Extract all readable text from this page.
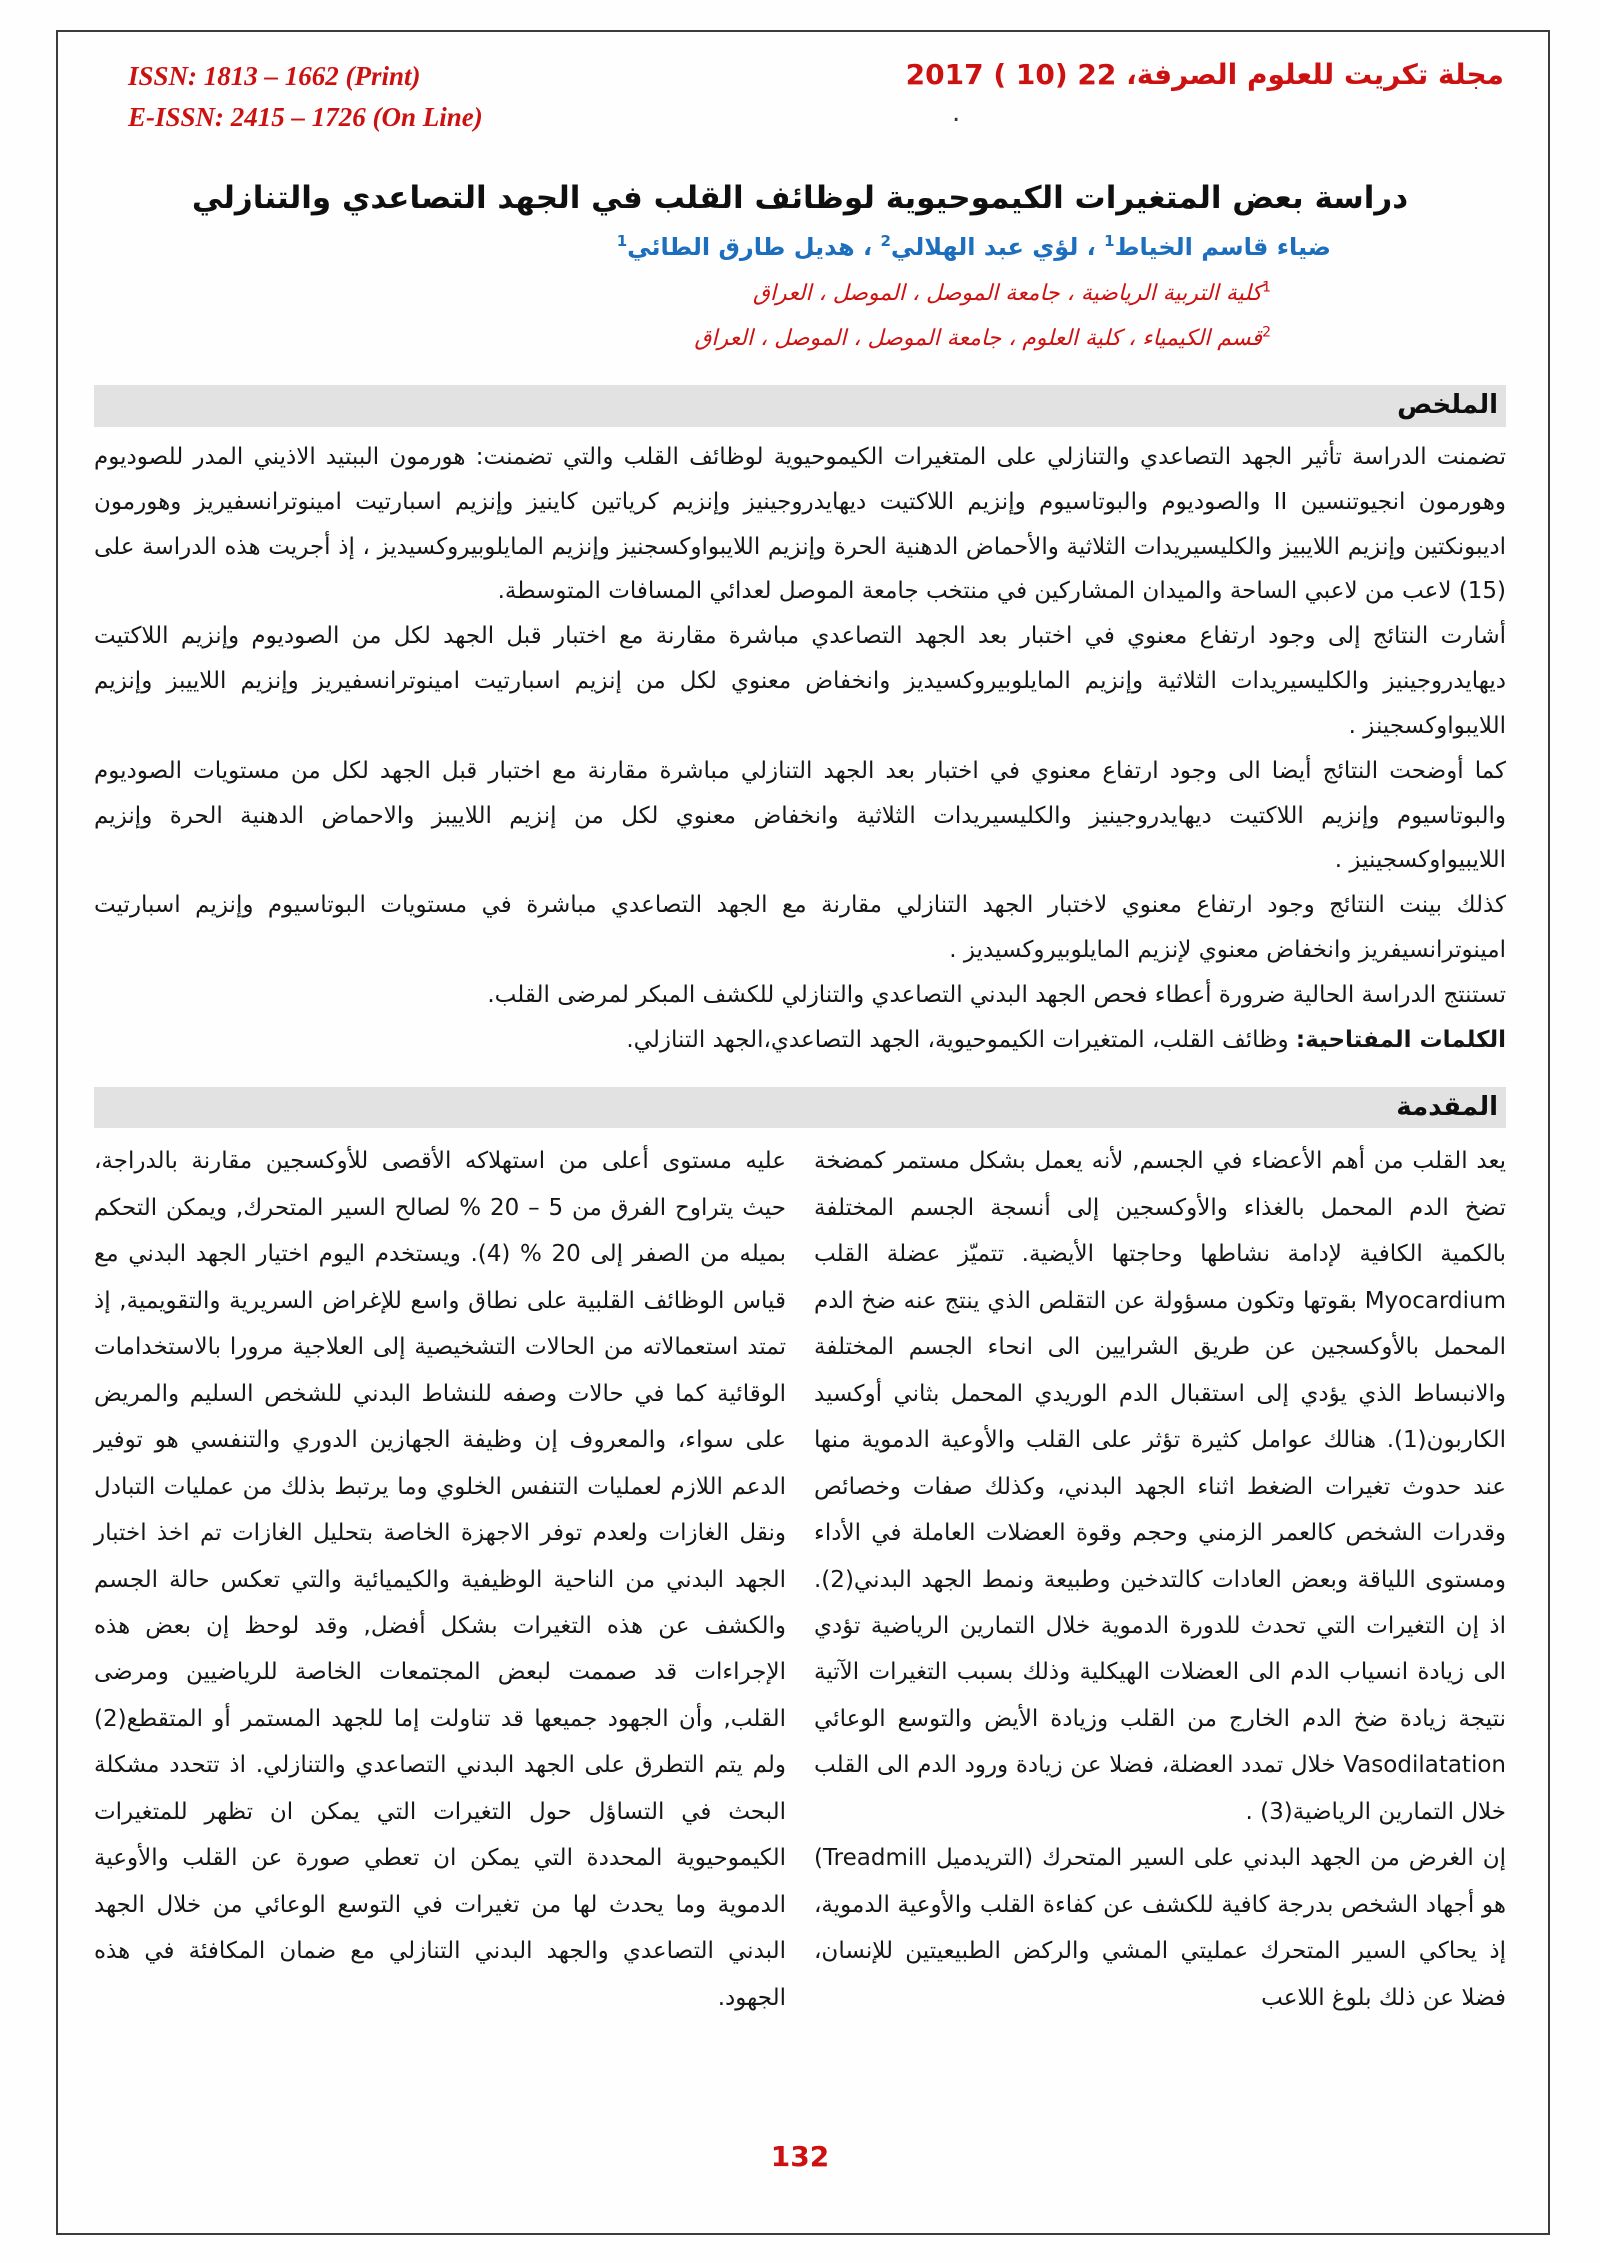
ISSN: 1813 – 1662 (Print)
E-ISSN: 2415 – 1726 (On Line)
مجلة تكريت للعلوم الصرفة، 22 (10 ) 2017
.
دراسة بعض المتغيرات الكيموحيوية لوظائف القلب في الجهد التصاعدي والتنازلي
ضياء قاسم الخياط$^1$ ، لؤي عبد الهلالي$^2$ ، هديل طارق الطائي$^1$
$^1$كلية التربية الرياضية ، جامعة الموصل ، الموصل ، العراق
$^2$قسم الكيمياء ، كلية العلوم ، جامعة الموصل ، الموصل ، العراق
الملخص

تضمنت الدراسة تأثير الجهد التصاعدي والتنازلي على المتغيرات الكيموحيوية لوظائف القلب والتي تضمنت: هورمون الببتيد الاذيني المدر للصوديوم وهورمون انجيوتنسين II والصوديوم والبوتاسيوم وإنزيم اللاكتيت ديهايدروجينيز وإنزيم كرياتين كاينيز وإنزيم اسبارتيت امينوترانسفيريز وهورمون اديبونكتين وإنزيم اللايبيز والكليسيريدات الثلاثية والأحماض الدهنية الحرة وإنزيم اللايبواوكسجنيز وإنزيم المايلوبيروكسيديز ، إذ أجريت هذه الدراسة على (15) لاعب من لاعبي الساحة والميدان المشاركين في منتخب جامعة الموصل لعدائي المسافات المتوسطة.

أشارت النتائج إلى وجود ارتفاع معنوي في اختبار بعد الجهد التصاعدي مباشرة مقارنة مع اختبار قبل الجهد لكل من الصوديوم وإنزيم اللاكتيت ديهايدروجينيز والكليسيريدات الثلاثية وإنزيم المايلوبيروكسيديز وانخفاض معنوي لكل من إنزيم اسبارتيت امينوترانسفيريز وإنزيم اللاييبز وإنزيم اللايبواوكسجينز .

كما أوضحت النتائج أيضا الى وجود ارتفاع معنوي في اختبار بعد الجهد التنازلي مباشرة مقارنة مع اختبار قبل الجهد لكل من مستويات الصوديوم والبوتاسيوم وإنزيم اللاكتيت ديهايدروجينيز والكليسيريدات الثلاثية وانخفاض معنوي لكل من إنزيم اللاييبز والاحماض الدهنية الحرة وإنزيم اللايبيواوكسجينيز .

كذلك بينت النتائج وجود ارتفاع معنوي لاختبار الجهد التنازلي مقارنة مع الجهد التصاعدي مباشرة في مستويات البوتاسيوم وإنزيم اسبارتيت امينوترانسيفريز وانخفاض معنوي لإنزيم المايلوبيروكسيديز .

تستنتج الدراسة الحالية ضرورة أعطاء فحص الجهد البدني التصاعدي والتنازلي للكشف المبكر لمرضى القلب.

الكلمات المفتاحية: وظائف القلب، المتغيرات الكيموحيوية، الجهد التصاعدي،الجهد التنازلي.

المقدمة

يعد القلب من أهم الأعضاء في الجسم, لأنه يعمل بشكل مستمر كمضخة تضخ الدم المحمل بالغذاء والأوكسجين إلى أنسجة الجسم المختلفة بالكمية الكافية لإدامة نشاطها وحاجتها الأيضية. تتميّز عضلة القلب Myocardium بقوتها وتكون مسؤولة عن التقلص الذي ينتج عنه ضخ الدم المحمل بالأوكسجين عن طريق الشرايين الى انحاء الجسم المختلفة والانبساط الذي يؤدي إلى استقبال الدم الوريدي المحمل بثاني أوكسيد الكاربون(1). هنالك عوامل كثيرة تؤثر على القلب والأوعية الدموية منها عند حدوث تغيرات الضغط اثناء الجهد البدني، وكذلك صفات وخصائص وقدرات الشخص كالعمر الزمني وحجم وقوة العضلات العاملة في الأداء ومستوى اللياقة وبعض العادات كالتدخين وطبيعة ونمط الجهد البدني(2). اذ إن التغيرات التي تحدث للدورة الدموية خلال التمارين الرياضية تؤدي الى زيادة انسياب الدم الى العضلات الهيكلية وذلك بسبب التغيرات الآتية نتيجة زيادة ضخ الدم الخارج من القلب وزيادة الأيض والتوسع الوعائي Vasodilatation خلال تمدد العضلة، فضلا عن زيادة ورود الدم الى القلب خلال التمارين الرياضية(3) .

إن الغرض من الجهد البدني على السير المتحرك (التريدميل Treadmill) هو أجهاد الشخص بدرجة كافية للكشف عن كفاءة القلب والأوعية الدموية، إذ يحاكي السير المتحرك عمليتي المشي والركض الطبيعيتين للإنسان، فضلا عن ذلك بلوغ اللاعب

عليه مستوى أعلى من استهلاكه الأقصى للأوكسجين مقارنة بالدراجة، حيث يتراوح الفرق من 5 – 20 % لصالح السير المتحرك, ويمكن التحكم بميله من الصفر إلى 20 % (4). ويستخدم اليوم اختيار الجهد البدني مع قياس الوظائف القلبية على نطاق واسع للإغراض السريرية والتقويمية, إذ تمتد استعمالاته من الحالات التشخيصية إلى العلاجية مرورا بالاستخدامات الوقائية كما في حالات وصفه للنشاط البدني للشخص السليم والمريض على سواء، والمعروف إن وظيفة الجهازين الدوري والتنفسي هو توفير الدعم اللازم لعمليات التنفس الخلوي وما يرتبط بذلك من عمليات التبادل ونقل الغازات ولعدم توفر الاجهزة الخاصة بتحليل الغازات تم اخذ اختبار الجهد البدني من الناحية الوظيفية والكيميائية والتي تعكس حالة الجسم والكشف عن هذه التغيرات بشكل أفضل, وقد لوحظ إن بعض هذه الإجراءات قد صممت لبعض المجتمعات الخاصة للرياضيين ومرضى القلب, وأن الجهود جميعها قد تناولت إما للجهد المستمر أو المتقطع(2) ولم يتم التطرق على الجهد البدني التصاعدي والتنازلي. اذ تتحدد مشكلة البحث في التساؤل حول التغيرات التي يمكن ان تظهر للمتغيرات الكيموحيوية المحددة التي يمكن ان تعطي صورة عن القلب والأوعية الدموية وما يحدث لها من تغيرات في التوسع الوعائي من خلال الجهد البدني التصاعدي والجهد البدني التنازلي مع ضمان المكافئة في هذه الجهود.

132
